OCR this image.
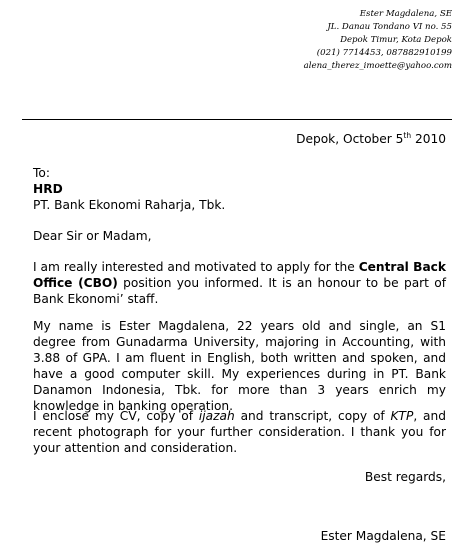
Ester Magdalena, SE
JL. Danau Tondano VI no. 55
Depok Timur, Kota Depok
(021) 7714453, 087882910199
alena_therez_imoette@yahoo.com
Depok, October 5th 2010
To:
HRD
PT. Bank Ekonomi Raharja, Tbk.
Dear Sir or Madam,
I am really interested and motivated to apply for the Central Back Office (CBO) position you informed. It is an honour to be part of Bank Ekonomi’ staff.
My name is Ester Magdalena, 22 years old and single, an S1 degree from Gunadarma University, majoring in Accounting, with 3.88 of GPA. I am fluent in English, both written and spoken, and have a good computer skill. My experiences during in PT. Bank Danamon Indonesia, Tbk. for more than 3 years enrich my knowledge in banking operation.
I enclose my CV, copy of ijazah and transcript, copy of KTP, and recent photograph for your further consideration. I thank you for your attention and consideration.
Best regards,
Ester Magdalena, SE
